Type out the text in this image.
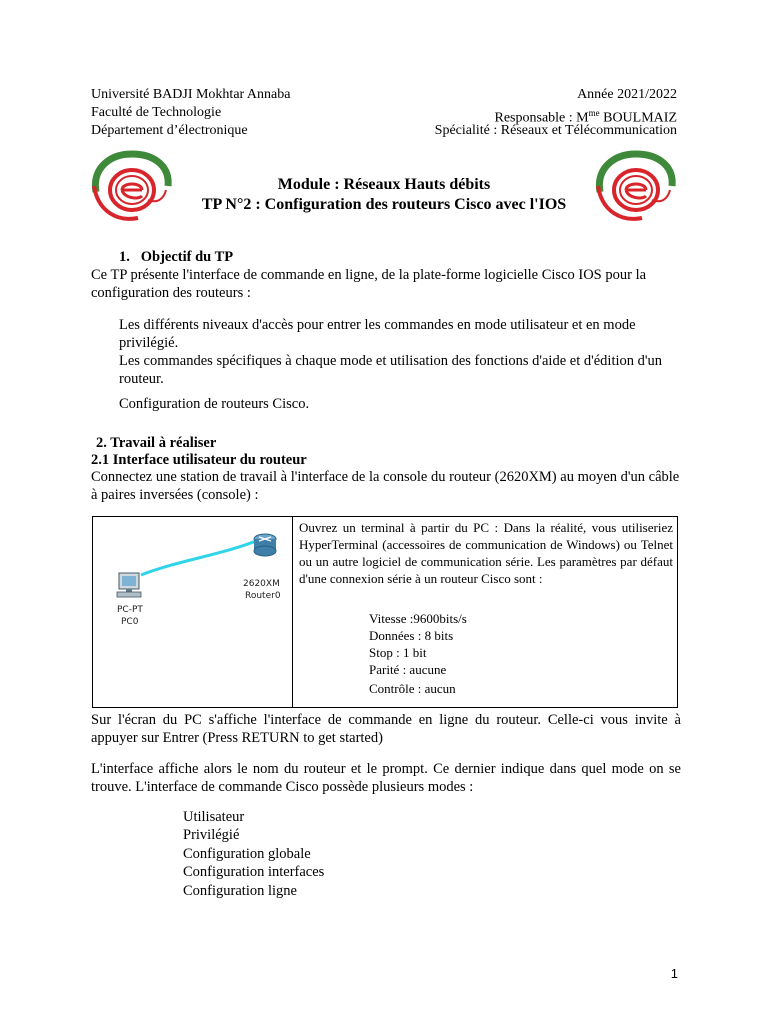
Université BADJI Mokhtar Annaba
Faculté de Technologie
Département d’électronique
Année 2021/2022
Responsable : $M^{me}$ BOULMAIZ
Spécialité : Réseaux et Télécommunication
Module : Réseaux Hauts débits
TP N°2 : Configuration des routeurs Cisco avec l'IOS
1. Objectif du TP
Ce TP présente l'interface de commande en ligne, de la plate-forme logicielle Cisco IOS pour la configuration des routeurs :
Les différents niveaux d'accès pour entrer les commandes en mode utilisateur et en mode privilégié.
Les commandes spécifiques à chaque mode et utilisation des fonctions d'aide et d'édition d'un routeur.
Configuration de routeurs Cisco.
2. Travail à réaliser
2.1 Interface utilisateur du routeur
Connectez une station de travail à l'interface de la console du routeur (2620XM) au moyen d'un câble à paires inversées (console) :
2620XM
Router0
PC-PT
PC0
Ouvrez un terminal à partir du PC : Dans la réalité, vous utiliseriez HyperTerminal (accessoires de communication de Windows) ou Telnet ou un autre logiciel de communication série. Les paramètres par défaut d'une connexion série à un routeur Cisco sont :
Vitesse :9600bits/s
Données : 8 bits
Stop : 1 bit
Parité : aucune
Contrôle : aucun
Sur l'écran du PC s'affiche l'interface de commande en ligne du routeur. Celle-ci vous invite à appuyer sur Entrer (Press RETURN to get started)
L'interface affiche alors le nom du routeur et le prompt. Ce dernier indique dans quel mode on se trouve. L'interface de commande Cisco possède plusieurs modes :
Utilisateur
Privilégié
Configuration globale
Configuration interfaces
Configuration ligne
1
